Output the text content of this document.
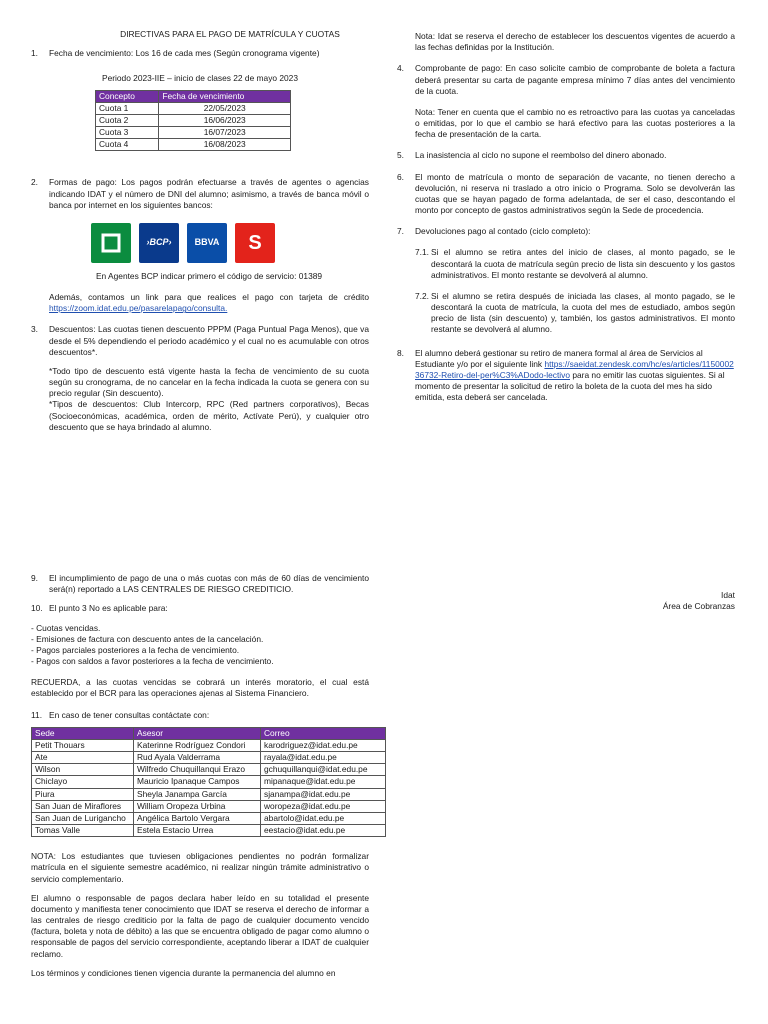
DIRECTIVAS PARA EL PAGO DE MATRÍCULA Y CUOTAS

1.	Fecha de vencimiento: Los 16 de cada mes (Según cronograma vigente)

Periodo 2023-IIE – inicio de clases 22 de mayo 2023

Concepto	Fecha de vencimiento
Cuota 1	22/05/2023
Cuota 2	16/06/2023
Cuota 3	16/07/2023
Cuota 4	16/08/2023
2.	Formas de pago: Los pagos podrán efectuarse a través de agentes o agencias indicando IDAT y el número de DNI del alumno; asimismo, a través de banca móvil o banca por internet en los siguientes bancos:
›BCP›	BBVA	S

En Agentes BCP indicar primero el código de servicio: 01389

Además, contamos un link para que realices el pago con tarjeta de crédito https://zoom.idat.edu.pe/pasarelapago/consulta.

3.	Descuentos: Las cuotas tienen descuento PPPM (Paga Puntual Paga Menos), que va desde el 5% dependiendo el periodo académico y el cual no es acumulable con otros descuentos*.

*Todo tipo de descuento está vigente hasta la fecha de vencimiento de su cuota según su cronograma, de no cancelar en la fecha indicada la cuota se genera con su precio regular (Sin descuento).

*Tipos de descuentos: Club Intercorp, RPC (Red partners corporativos), Becas (Socioeconómicas, académica, orden de mérito, Actívate Perú), y cualquier otro descuento que se haya brindado al alumno.

Nota: Idat se reserva el derecho de establecer los descuentos vigentes de acuerdo a las fechas definidas por la Institución.

4.	Comprobante de pago: En caso solicite cambio de comprobante de boleta a factura deberá presentar su carta de pagante empresa mínimo 7 días antes del vencimiento de la cuota.

Nota: Tener en cuenta que el cambio no es retroactivo para las cuotas ya canceladas o emitidas, por lo que el cambio se hará efectivo para las cuotas posteriores a la fecha de presentación de la carta.

5.	La inasistencia al ciclo no supone el reembolso del dinero abonado.
6.	El monto de matrícula o monto de separación de vacante, no tienen derecho a devolución, ni reserva ni traslado a otro inicio o Programa. Solo se devolverán las cuotas que se hayan pagado de forma adelantada, de ser el caso, descontando el monto por concepto de gastos administrativos según la Sede de procedencia.
7.	Devoluciones pago al contado (ciclo completo):
7.1. Si el alumno se retira antes del inicio de clases, al monto pagado, se le descontará la cuota de matrícula según precio de lista sin descuento y los gastos administrativos. El monto restante se devolverá al alumno.
7.2. Si el alumno se retira después de iniciada las clases, al monto pagado, se le descontará la cuota de matrícula, la cuota del mes de estudiado, ambos según precio de lista (sin descuento) y, también, los gastos administrativos. El monto restante se devolverá al alumno.
8.	El alumno deberá gestionar su retiro de manera formal al área de Servicios al Estudiante y/o por el siguiente link https://saeidat.zendesk.com/hc/es/articles/115000236732-Retiro-del-per%C3%ADodo-lectivo para no emitir las cuotas siguientes. Si al momento de presentar la solicitud de retiro la boleta de la cuota del mes ha sido emitida, esta deberá ser cancelada.

Idat

Área de Cobranzas

9.	El incumplimiento de pago de una o más cuotas con más de 60 días de vencimiento será(n) reportado a LAS CENTRALES DE RIESGO CREDITICIO.
10. El punto 3 No es aplicable para:

- Cuotas vencidas.

- Emisiones de factura con descuento antes de la cancelación.

- Pagos parciales posteriores a la fecha de vencimiento.

- Pagos con saldos a favor posteriores a la fecha de vencimiento.

RECUERDA, a las cuotas vencidas se cobrará un interés moratorio, el cual está establecido por el BCR para las operaciones ajenas al Sistema Financiero.

11. En caso de tener consultas contáctate con:
Sede	Asesor	Correo
Petit Thouars	Katerinne Rodríguez Condori	karodriguez@idat.edu.pe
Ate	Rud Ayala Valderrama	rayala@idat.edu.pe
Wilson	Wilfredo Chuquillanqui Erazo	gchuquillanqui@idat.edu.pe
Chiclayo	Mauricio Ipanaque Campos	mipanaque@idat.edu.pe
Piura	Sheyla Janampa García	sjanampa@idat.edu.pe
San Juan de Miraflores	William Oropeza Urbina	woropeza@idat.edu.pe
San Juan de Lurigancho	Angélica Bartolo Vergara	abartolo@idat.edu.pe
Tomas Valle	Estela Estacio Urrea	eestacio@idat.edu.pe

NOTA: Los estudiantes que tuviesen obligaciones pendientes no podrán formalizar matrícula en el siguiente semestre académico, ni realizar ningún trámite administrativo o servicio complementario.

El alumno o responsable de pagos declara haber leído en su totalidad el presente documento y manifiesta tener conocimiento que IDAT se reserva el derecho de informar a las centrales de riesgo crediticio por la falta de pago de cualquier documento vencido (factura, boleta y nota de débito) a las que se encuentra obligado de pagar como alumno o responsable de pagos del servicio correspondiente, aceptando liberar a IDAT de cualquier reclamo.

Los términos y condiciones tienen vigencia durante la permanencia del alumno en
